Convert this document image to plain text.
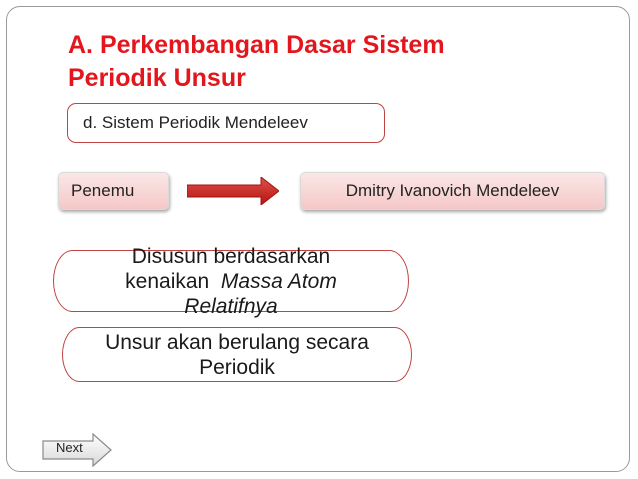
A. Perkembangan Dasar Sistem
Periodik Unsur
d. Sistem Periodik Mendeleev
Penemu	Dmitry Ivanovich Mendeleev
Disusun berdasarkan
kenaikan  Massa Atom
Relatifnya
Unsur akan berulang secara
Periodik
Next
